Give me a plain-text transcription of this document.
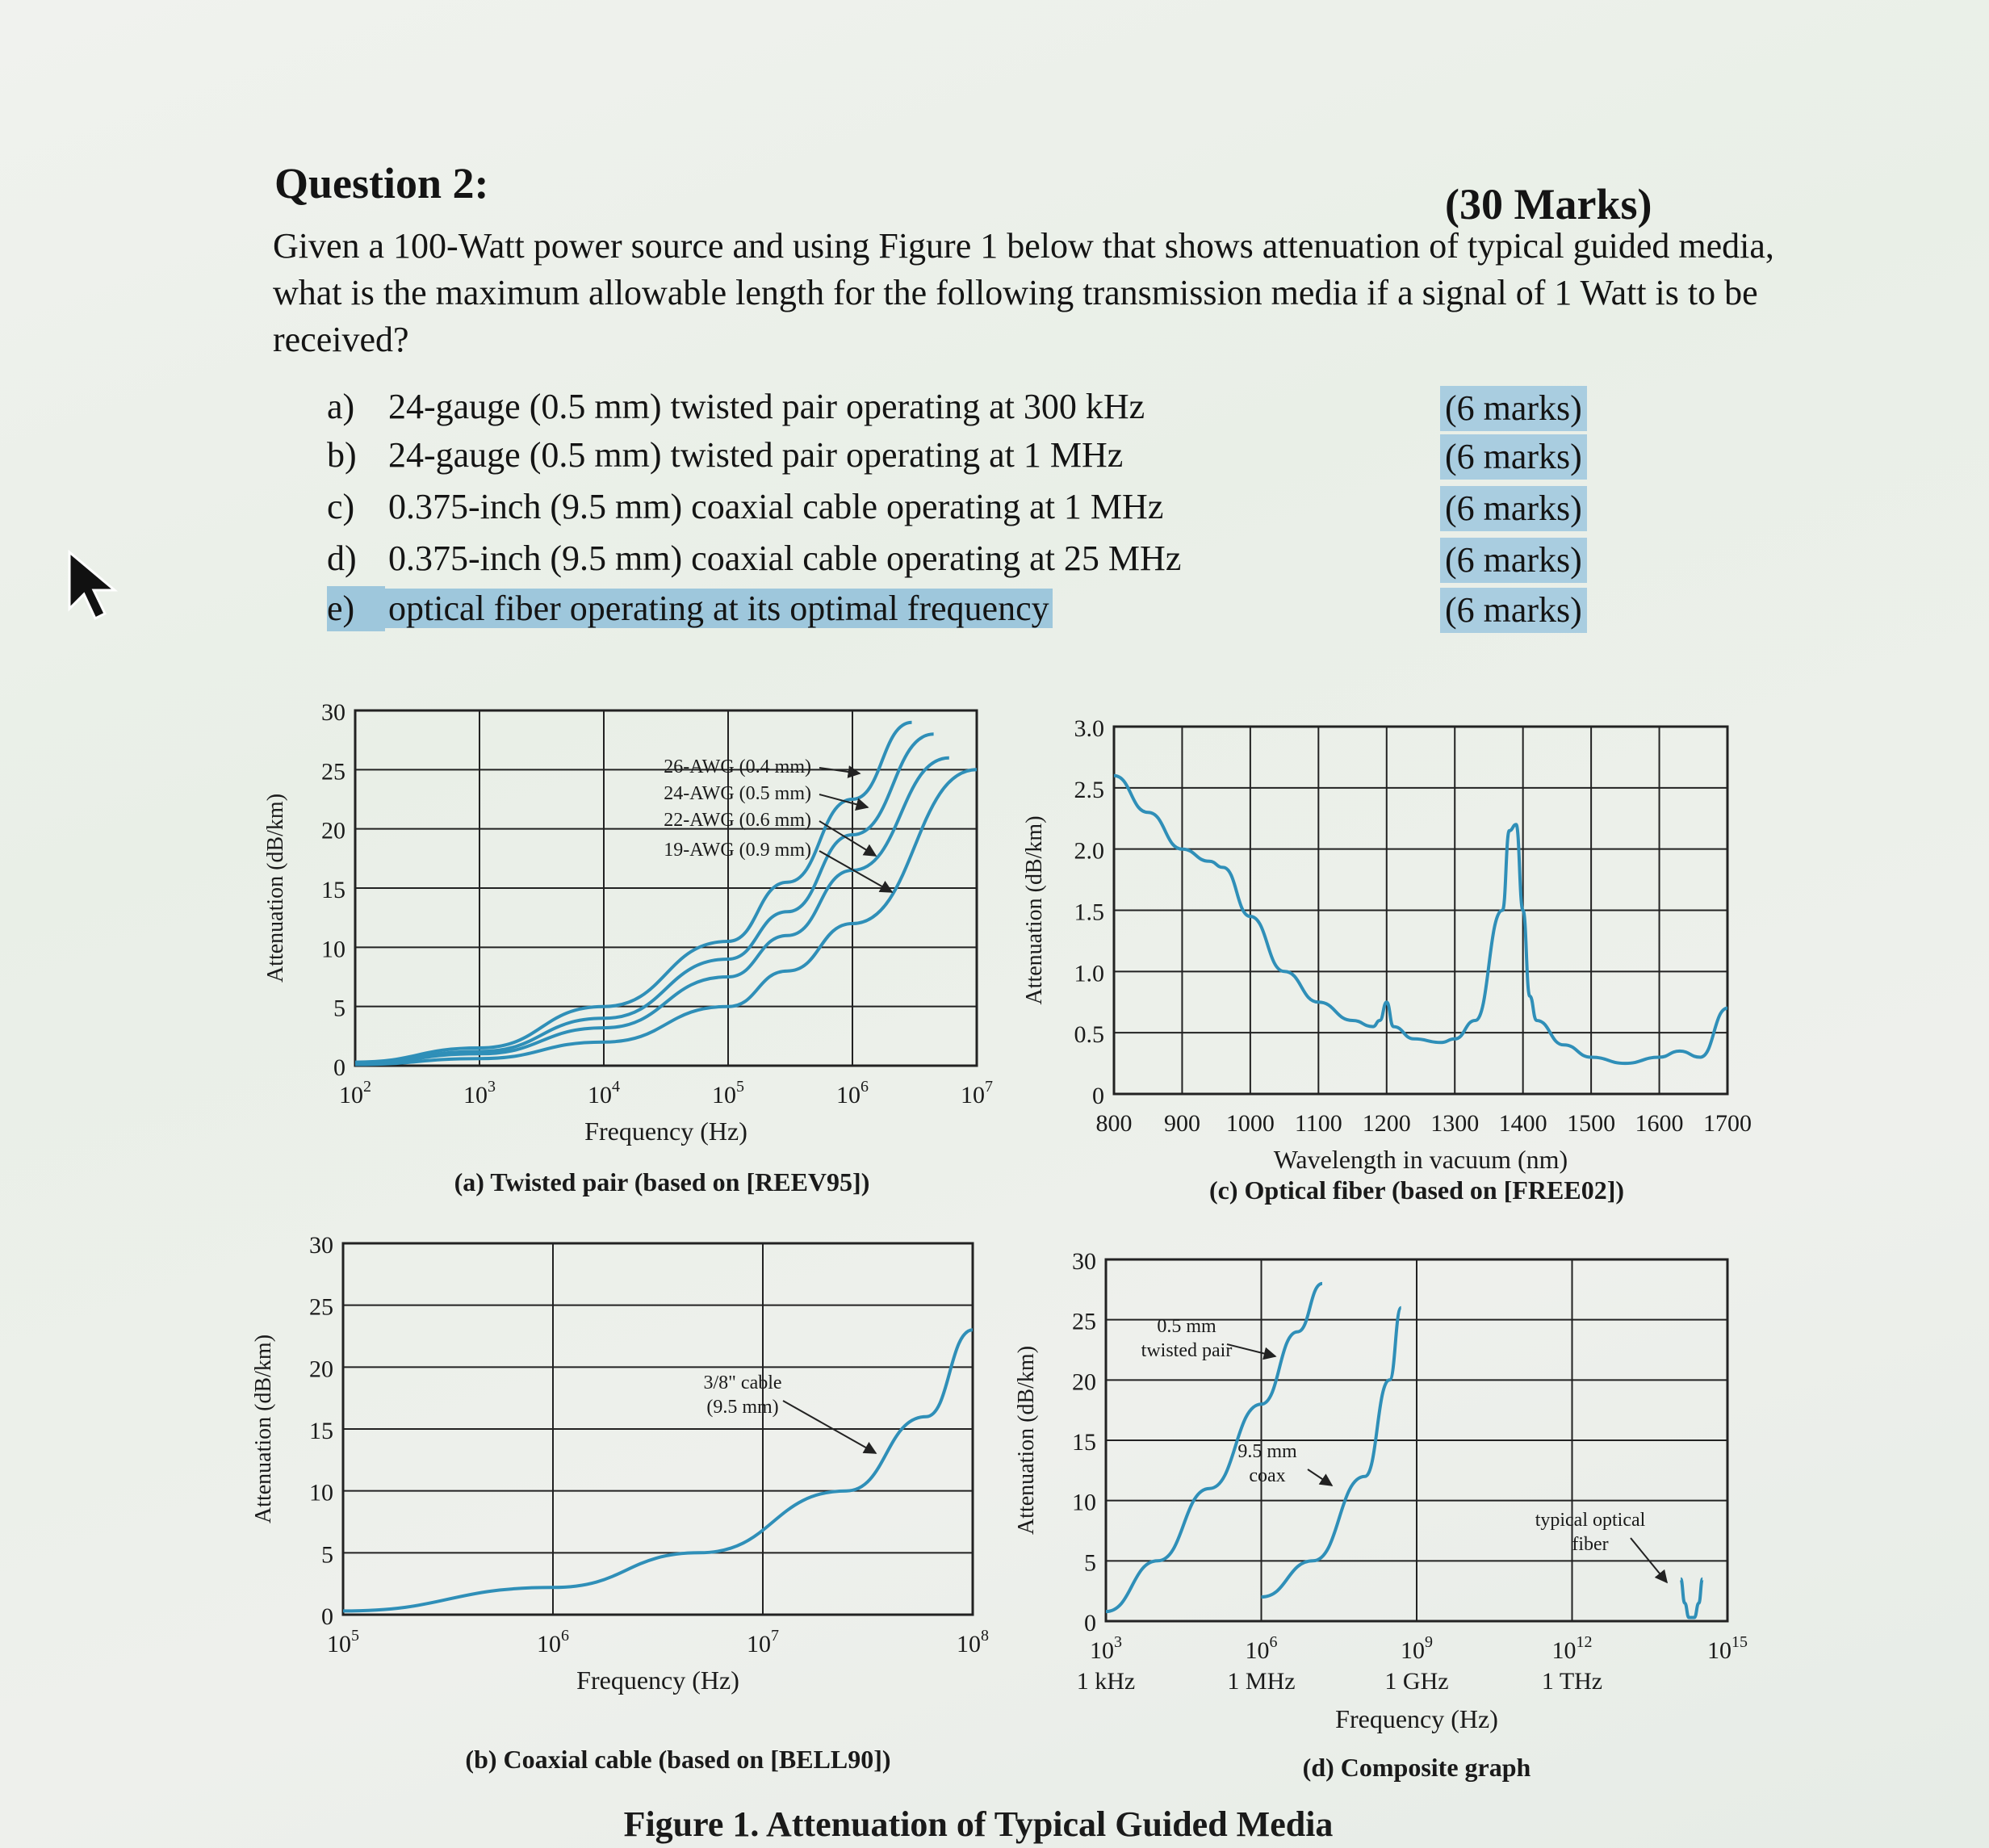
Question 2:	(30 Marks)
Given a 100-Watt power source and using Figure 1 below that shows attenuation of typical guided media, what is the maximum allowable length for the following transmission media if a signal of 1 Watt is to be received?
a) 24-gauge (0.5 mm) twisted pair operating at 300 kHz	(6 marks)
b) 24-gauge (0.5 mm) twisted pair operating at 1 MHz	(6 marks)
c) 0.375-inch (9.5 mm) coaxial cable operating at 1 MHz	(6 marks)
d) 0.375-inch (9.5 mm) coaxial cable operating at 25 MHz	(6 marks)
e) optical fiber operating at its optimal frequency	(6 marks)
0
5
10
15
20
25
30
$10^2$	$10^3$	$10^4$	$10^5$	$10^6$	$10^7$
Frequency (Hz)
Attenuation (dB/km)
(a) Twisted pair (based on [REEV95])
26-AWG (0.4 mm)
24-AWG (0.5 mm)
22-AWG (0.6 mm)
19-AWG (0.9 mm)
0
5
10
15
20
25
30
$10^5$	$10^6$	$10^7$	$10^8$
Frequency (Hz)
Attenuation (dB/km)
(b) Coaxial cable (based on [BELL90])
3/8" cable (9.5 mm)
0
0.5
1.0
1.5
2.0
2.5
3.0
800 900 1000 1100 1200 1300 1400 1500 1600 1700
Wavelength in vacuum (nm)
Attenuation (dB/km)
(c) Optical fiber (based on [FREE02])
0
5
10
15
20
25
30
$10^3$
1 kHz
$10^6$
1 MHz
$10^9$
1 GHz
$10^{12}$
1 THz
$10^{15}$
Frequency (Hz)
Attenuation (dB/km)
(d) Composite graph
0.5 mm twisted pair
9.5 mm coax
typical optical fiber
Figure 1. Attenuation of Typical Guided Media
